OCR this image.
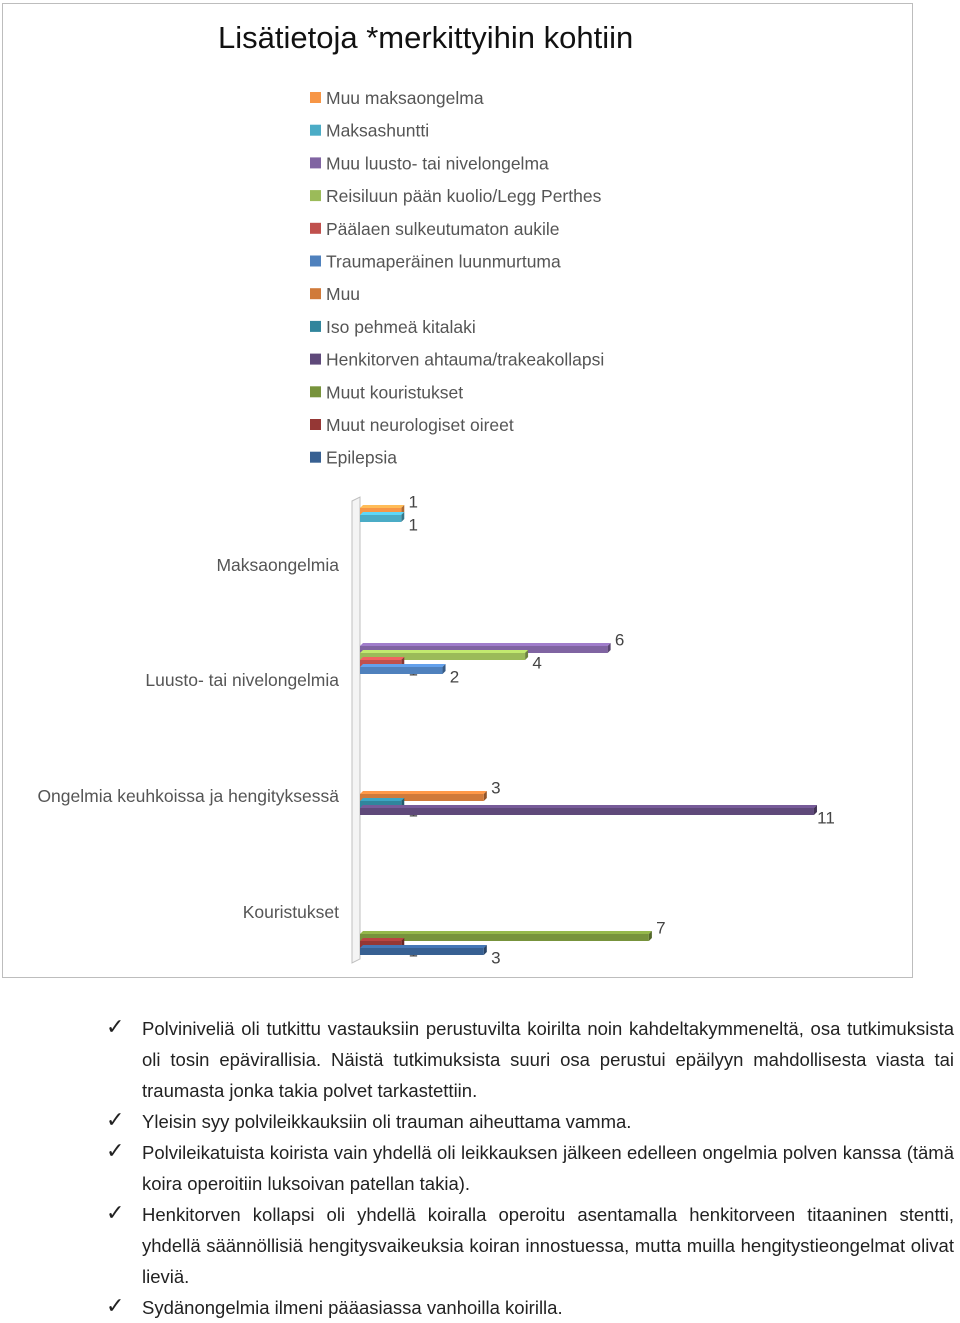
Lisätietoja *merkittyihin kohtiin
Muu maksaongelma
Maksashuntti
Muu luusto- tai nivelongelma
Reisiluun pään kuolio/Legg Perthes
Päälaen sulkeutumaton aukile
Traumaperäinen luunmurtuma
Muu
Iso pehmeä kitalaki
Henkitorven ahtauma/trakeakollapsi
Muut kouristukset
Muut neurologiset oireet
Epilepsia
Maksaongelmia
1
1
Luusto- tai nivelongelmia
6
4
2
Ongelmia keuhkoissa ja hengityksessä	3
11
Kouristukset
7
3
✓ Polviniveliä oli tutkittu vastauksiin perustuvilta koirilta noin kahdeltakymmeneltä, osa tutkimuksista oli tosin epävirallisia. Näistä tutkimuksista suuri osa perustui epäilyyn mahdollisesta viasta tai traumasta jonka takia polvet tarkastettiin.
✓ Yleisin syy polvileikkauksiin oli trauman aiheuttama vamma.
✓ Polvileikatuista koirista vain yhdellä oli leikkauksen jälkeen edelleen ongelmia polven kanssa (tämä koira operoitiin luksoivan patellan takia).
✓ Henkitorven kollapsi oli yhdellä koiralla operoitu asentamalla henkitorveen titaaninen stentti, yhdellä säännöllisiä hengitysvaikeuksia koiran innostuessa, mutta muilla hengitystieongelmat olivat lieviä.
✓ Sydänongelmia ilmeni pääasiassa vanhoilla koirilla.
